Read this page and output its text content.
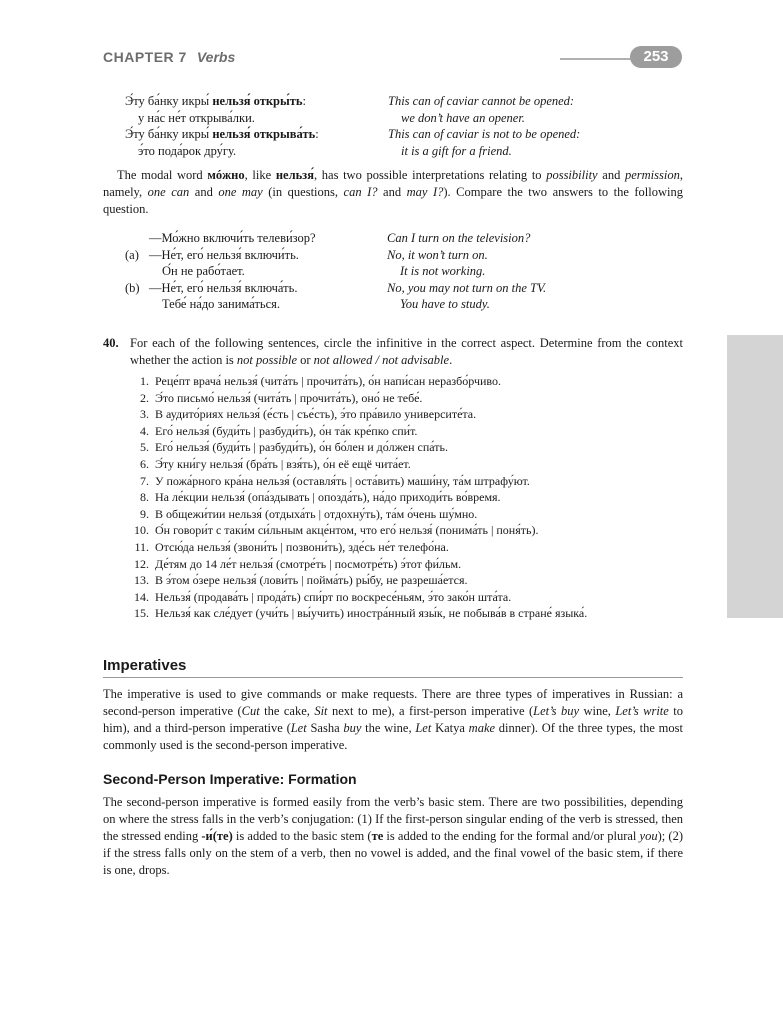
CHAPTER 7 Verbs	253
Э́ту ба́нку икры́ нельзя́ откры́ть:	This can of caviar cannot be opened:
у на́с не́т открыва́лки.	we don’t have an opener.
Э́ту ба́нку икры́ нельзя́ открыва́ть:	This can of caviar is not to be opened:
э́то пода́рок дру́гу.	it is a gift for a friend.

The modal word мóжно, like нельзя́, has two possible interpretations relating to possibility and permission, namely, one can and one may (in questions, can I? and may I?). Compare the two answers to the following question.

—Мо́жно включи́ть телеви́зор?	Can I turn on the television?
(a) —Не́т, его́ нельзя́ включи́ть.	No, it won’t turn on.
О́н не рабо́тает.	It is not working.
(b) —Не́т, его́ нельзя́ включа́ть.	No, you may not turn on the TV.
Тебе́ на́до занима́ться.	You have to study.
40. For each of the following sentences, circle the infinitive in the correct aspect. Determine from the context whether the action is not possible or not allowed / not advisable.
1. Реце́пт врача́ нельзя́ (чита́ть | прочита́ть), о́н напи́сан неразбо́рчиво.
2. Э́то письмо́ нельзя́ (чита́ть | прочита́ть), оно́ не тебе́.
3. В аудито́риях нельзя́ (е́сть | съе́сть), э́то пра́вило университе́та.
4. Его́ нельзя́ (буди́ть | разбуди́ть), о́н та́к кре́пко спи́т.
5. Его́ нельзя́ (буди́ть | разбуди́ть), о́н бо́лен и до́лжен спа́ть.
6. Э́ту кни́гу нельзя́ (бра́ть | взя́ть), о́н её ещё чита́ет.
7. У пожа́рного кра́на нельзя́ (оставля́ть | оста́вить) маши́ну, та́м штрафу́ют.
8. На ле́кции нельзя́ (опа́здывать | опозда́ть), на́до приходи́ть во́время.
9. В общежи́тии нельзя́ (отдыха́ть | отдохну́ть), та́м о́чень шу́мно.
10. О́н говори́т с таки́м си́льным акце́нтом, что его́ нельзя́ (понима́ть | поня́ть).
11. Отсю́да нельзя́ (звони́ть | позвони́ть), зде́сь не́т телефо́на.
12. Де́тям до 14 ле́т нельзя́ (смотре́ть | посмотре́ть) э́тот фи́льм.
13. В э́том о́зере нельзя́ (лови́ть | пойма́ть) ры́бу, не разреша́ется.
14. Нельзя́ (продава́ть | прода́ть) спи́рт по воскресе́ньям, э́то зако́н шта́та.
15. Нельзя́ как сле́дует (учи́ть | вы́учить) иностра́нный язы́к, не побыва́в в стране́ языка́.
Imperatives

The imperative is used to give commands or make requests. There are three types of imperatives in Russian: a second-person imperative (Cut the cake, Sit next to me), a first-person imperative (Let’s buy wine, Let’s write to him), and a third-person imperative (Let Sasha buy the wine, Let Katya make dinner). Of the three types, the most commonly used is the second-person imperative.

Second-Person Imperative: Formation

The second-person imperative is formed easily from the verb’s basic stem. There are two possibilities, depending on where the stress falls in the verb’s conjugation: (1) If the first-person singular ending of the verb is stressed, then the stressed ending -и́(те) is added to the basic stem (те is added to the ending for the formal and/or plural you); (2) if the stress falls only on the stem of a verb, then no vowel is added, and the final vowel of the basic stem, if there is one, drops.
